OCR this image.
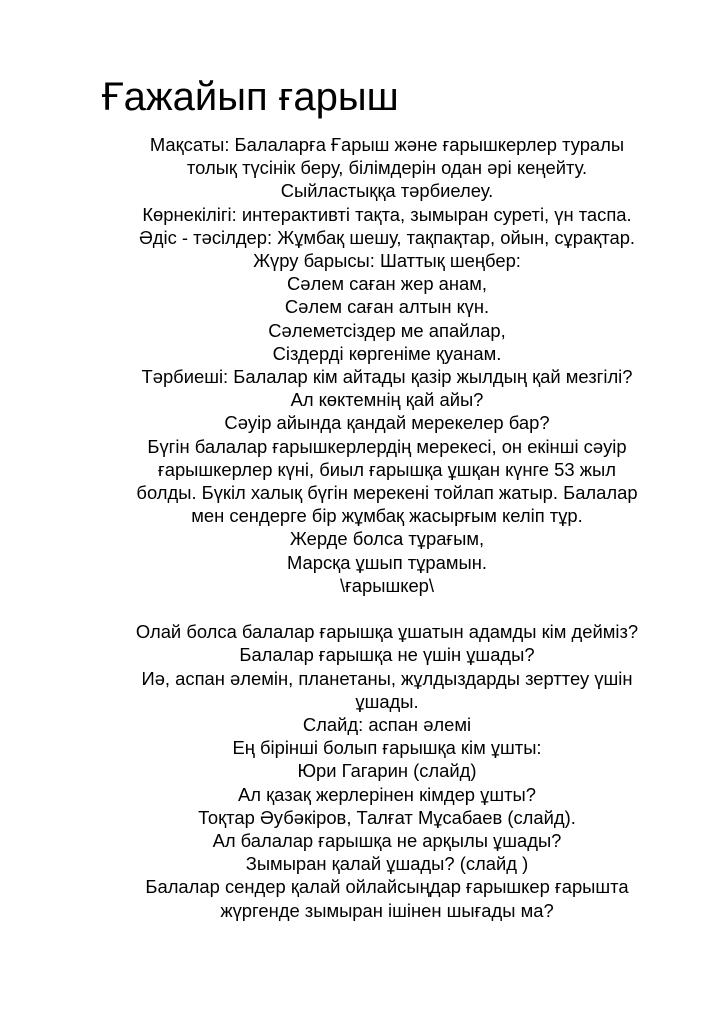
Ғажайып ғарыш
Мақсаты: Балаларға Ғарыш және ғарышкерлер туралы
толық түсінік беру, білімдерін одан әрі кеңейту.
Сыйластыққа тәрбиелеу.
Көрнекілігі: интерактивті тақта, зымыран суреті, үн таспа.
Әдіс - тәсілдер: Жұмбақ шешу, тақпақтар, ойын, сұрақтар.
Жүру барысы: Шаттық шеңбер:
Сәлем саған жер анам,
Сәлем саған алтын күн.
Сәлеметсіздер ме апайлар,
Сіздерді көргеніме қуанам.
Тәрбиеші: Балалар кім айтады қазір жылдың қай мезгілі?
Ал көктемнің қай айы?
Сәуір айында қандай мерекелер бар?
Бүгін балалар ғарышкерлердің мерекесі, он екінші сәуір
ғарышкерлер күні, биыл ғарышқа ұшқан күнге 53 жыл
болды. Бүкіл халық бүгін мерекені тойлап жатыр. Балалар
мен сендерге бір жұмбақ жасырғым келіп тұр.
Жерде болса тұрағым,
Марсқа ұшып тұрамын.
\ғарышкер\
Олай болса балалар ғарышқа ұшатын адамды кім дейміз?
Балалар ғарышқа не үшін ұшады?
Иә, аспан әлемін, планетаны, жұлдыздарды зерттеу үшін
ұшады.
Слайд: аспан әлемі
Ең бірінші болып ғарышқа кім ұшты:
Юри Гагарин (слайд)
Ал қазақ жерлерінен кімдер ұшты?
Тоқтар Әубәкіров, Талғат Мұсабаев (слайд).
Ал балалар ғарышқа не арқылы ұшады?
Зымыран қалай ұшады? (слайд )
Балалар сендер қалай ойлайсыңдар ғарышкер ғарышта
жүргенде зымыран ішінен шығады ма?
